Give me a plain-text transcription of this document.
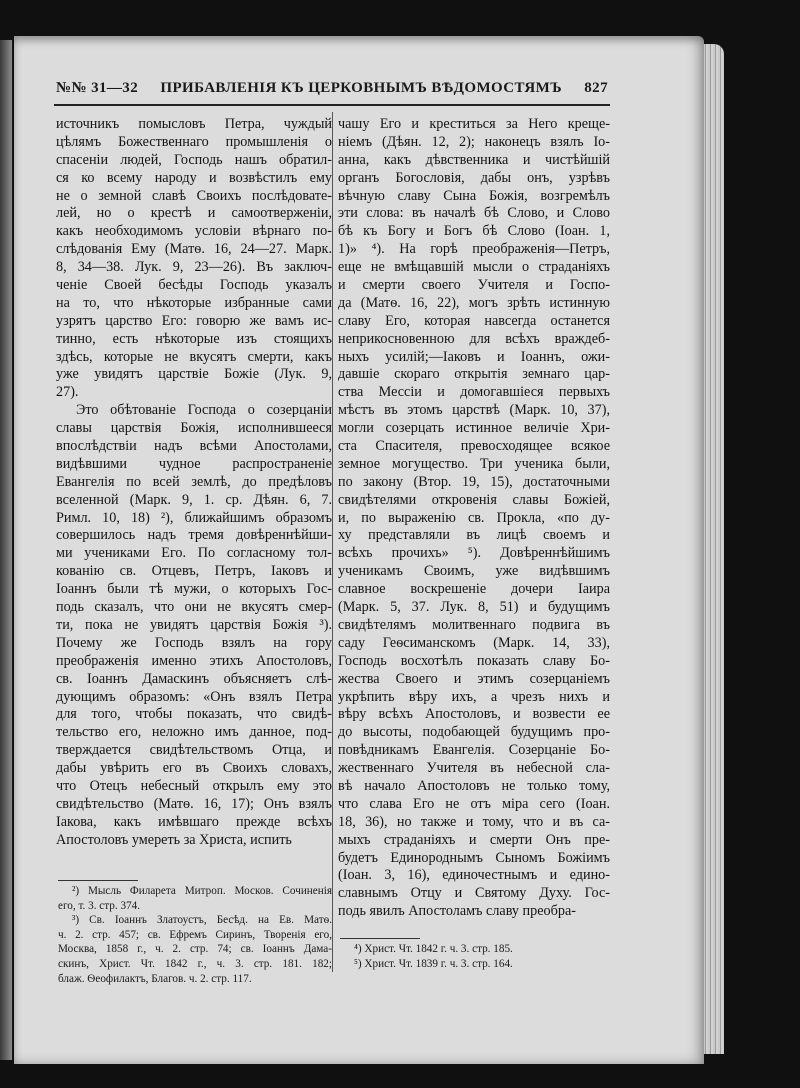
№№ 31—32 ПРИБАВЛЕНІЯ КЪ ЦЕРКОВНЫМЪ ВѢДОМОСТЯМЪ 827
источникъ помысловъ Петра, чуждый
цѣлямъ Божественнаго промышленія о
спасеніи людей, Господь нашъ обратил-
ся ко всему народу и возвѣстилъ ему
не о земной славѣ Своихъ послѣдовате-
лей, но о крестѣ и самоотверженіи,
какъ необходимомъ условіи вѣрнаго по-
слѣдованія Ему (Матѳ. 16, 24—27. Марк.
8, 34—38. Лук. 9, 23—26). Въ заключ-
ченіе Своей бесѣды Господь указалъ
на то, что нѣкоторые избранные сами
узрятъ царство Его: говорю же вамъ ис-
тинно, есть нѣкоторые изъ стоящихъ
здѣсь, которые не вкусятъ смерти, какъ
уже увидятъ царствіе Божіе (Лук. 9,
27).
Это обѣтованіе Господа о созерцаніи
славы царствія Божія, исполнившееся
впослѣдствіи надъ всѣми Апостолами,
видѣвшими чудное распространеніе
Евангелія по всей землѣ, до предѣловъ
вселенной (Марк. 9, 1. ср. Дѣян. 6, 7.
Римл. 10, 18) ²), ближайшимъ образомъ
совершилось надъ тремя довѣреннѣйши-
ми учениками Его. По согласному тол-
кованію св. Отцевъ, Петръ, Іаковъ и
Іоаннъ были тѣ мужи, о которыхъ Гос-
подь сказалъ, что они не вкусятъ смер-
ти, пока не увидятъ царствія Божія ³).
Почему же Господь взялъ на гору
преображенія именно этихъ Апостоловъ,
св. Іоаннъ Дамаскинъ объясняетъ слѣ-
дующимъ образомъ: «Онъ взялъ Петра
для того, чтобы показать, что свидѣ-
тельство его, неложно имъ данное, под-
тверждается свидѣтельствомъ Отца, и
дабы увѣрить его въ Своихъ словахъ,
что Отецъ небесный открылъ ему это
свидѣтельство (Матѳ. 16, 17); Онъ взялъ
Іакова, какъ имѣвшаго прежде всѣхъ
Апостоловъ умереть за Христа, испить
чашу Его и креститься за Него креще-
ніемъ (Дѣян. 12, 2); наконецъ взялъ Іо-
анна, какъ дѣвственника и чистѣйшій
органъ Богословія, дабы онъ, узрѣвъ
вѣчную славу Сына Божія, возгремѣлъ
эти слова: въ началѣ бѣ Слово, и Слово
бѣ къ Богу и Богъ бѣ Слово (Іоан. 1,
1)» ⁴). На горѣ преображенія—Петръ,
еще не вмѣщавшій мысли о страданіяхъ
и смерти своего Учителя и Госпо-
да (Матѳ. 16, 22), могъ зрѣть истинную
славу Его, которая навсегда останется
неприкосновенною для всѣхъ враждеб-
ныхъ усилій;—Іаковъ и Іоаннъ, ожи-
давшіе скораго открытія земнаго цар-
ства Мессіи и домогавшіеся первыхъ
мѣстъ въ этомъ царствѣ (Марк. 10, 37),
могли созерцать истинное величіе Хри-
ста Спасителя, превосходящее всякое
земное могущество. Три ученика были,
по закону (Втор. 19, 15), достаточными
свидѣтелями откровенія славы Божіей,
и, по выраженію св. Прокла, «по ду-
ху представляли въ лицѣ своемъ и
всѣхъ прочихъ» ⁵). Довѣреннѣйшимъ
ученикамъ Своимъ, уже видѣвшимъ
славное воскрешеніе дочери Іаира
(Марк. 5, 37. Лук. 8, 51) и будущимъ
свидѣтелямъ молитвеннаго подвига въ
саду Геѳсиманскомъ (Марк. 14, 33),
Господь восхотѣлъ показать славу Бо-
жества Своего и этимъ созерцаніемъ
укрѣпить вѣру ихъ, а чрезъ нихъ и
вѣру всѣхъ Апостоловъ, и возвести ее
до высоты, подобающей будущимъ про-
повѣдникамъ Евангелія. Созерцаніе Бо-
жественнаго Учителя въ небесной сла-
вѣ начало Апостоловъ не только тому,
что слава Его не отъ міра сего (Іоан.
18, 36), но также и тому, что и въ са-
мыхъ страданіяхъ и смерти Онъ пре-
будетъ Единороднымъ Сыномъ Божіимъ
(Іоан. 3, 16), единочестнымъ и едино-
славнымъ Отцу и Святому Духу. Гос-
подь явилъ Апостоламъ славу преобра-
²) Мысль Филарета Митроп. Москов. Сочиненія
его, т. 3. стр. 374.
³) Св. Іоаннъ Златоустъ, Бесѣд. на Ев. Матѳ.
ч. 2. стр. 457; св. Ефремъ Сиринъ, Творенія его,
Москва, 1858 г., ч. 2. стр. 74; св. Іоаннъ Дама-
скинъ, Христ. Чт. 1842 г., ч. 3. стр. 181. 182;
блаж. Ѳеофилактъ, Благов. ч. 2. стр. 117.
⁴) Христ. Чт. 1842 г. ч. 3. стр. 185.
⁵) Христ. Чт. 1839 г. ч. 3. стр. 164.
